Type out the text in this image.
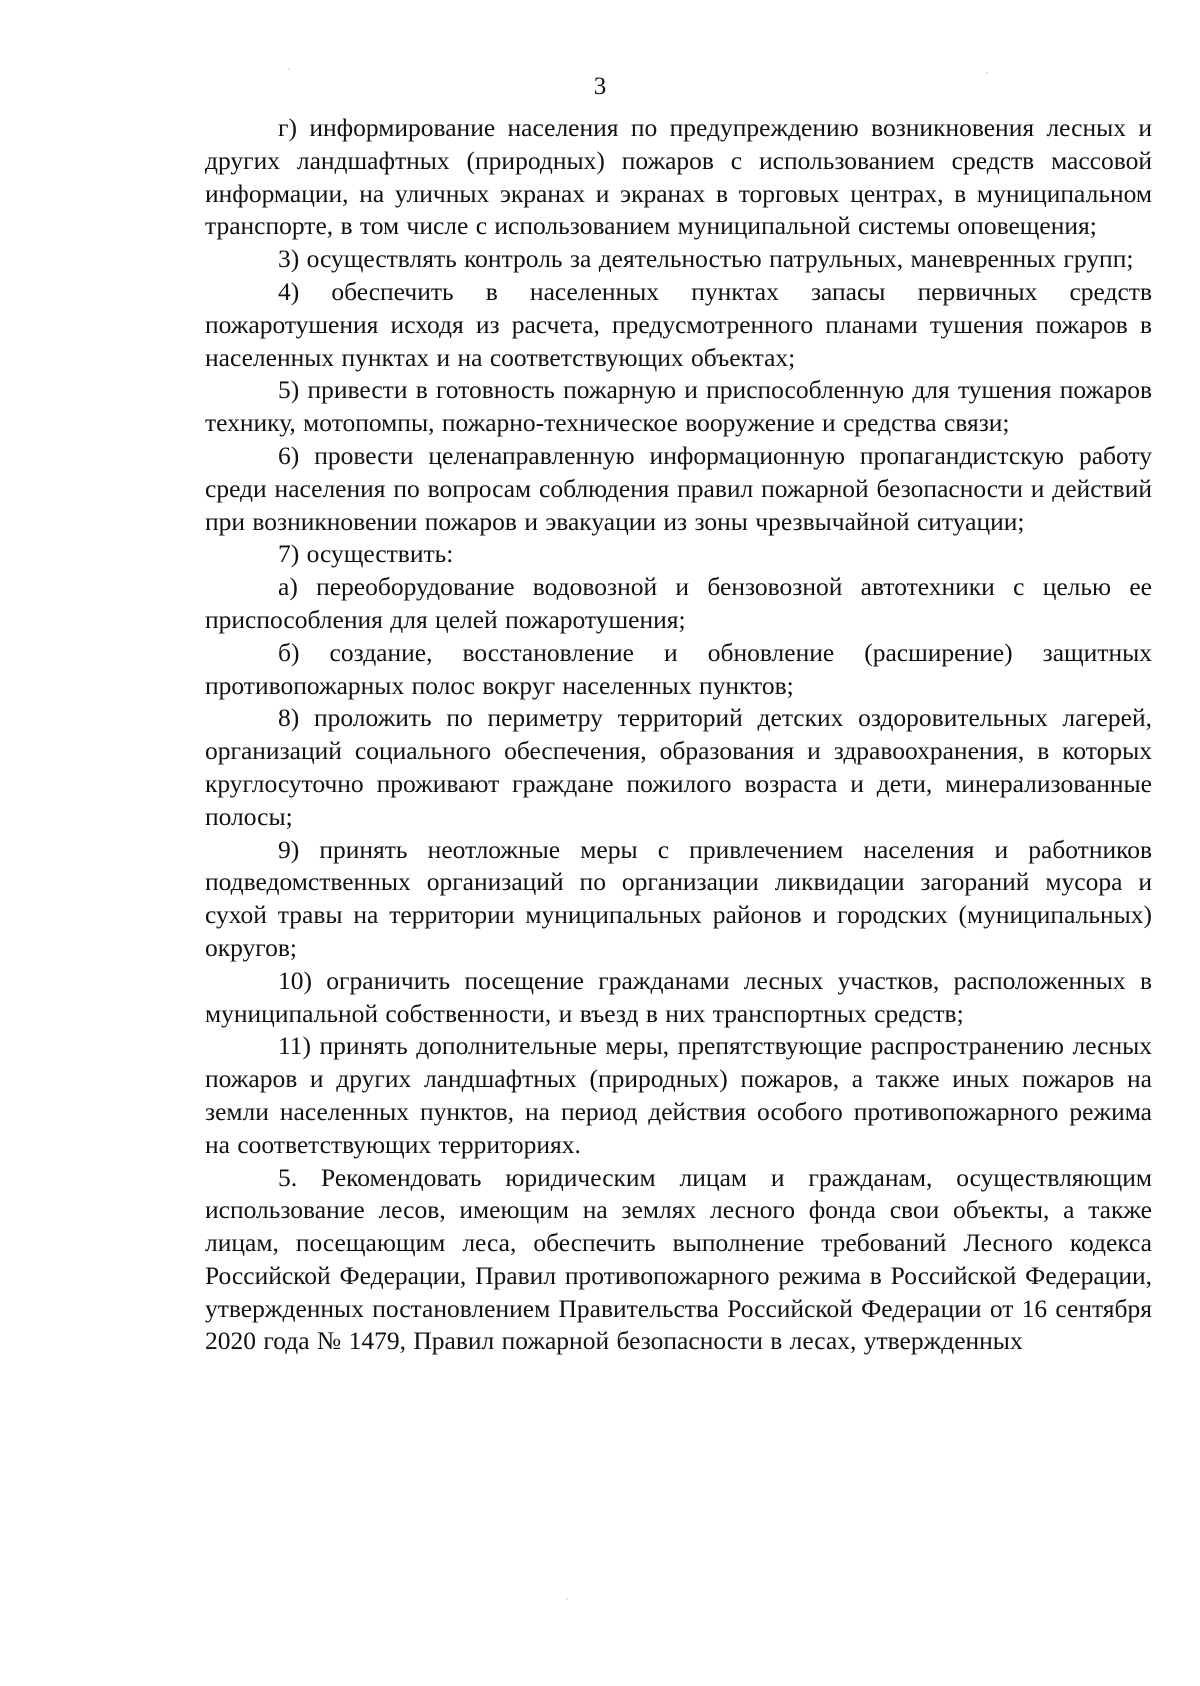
3

г) информирование населения по предупреждению возникновения лесных и других ландшафтных (природных) пожаров с использованием средств массовой информации, на уличных экранах и экранах в торговых центрах, в муниципальном транспорте, в том числе с использованием муниципальной системы оповещения;

3) осуществлять контроль за деятельностью патрульных, маневренных групп;

4) обеспечить в населенных пунктах запасы первичных средств пожаротушения исходя из расчета, предусмотренного планами тушения пожаров в населенных пунктах и на соответствующих объектах;

5) привести в готовность пожарную и приспособленную для тушения пожаров технику, мотопомпы, пожарно-техническое вооружение и средства связи;

6) провести целенаправленную информационную пропагандистскую работу среди населения по вопросам соблюдения правил пожарной безопасности и действий при возникновении пожаров и эвакуации из зоны чрезвычайной ситуации;

7) осуществить:

а) переоборудование водовозной и бензовозной автотехники с целью ее приспособления для целей пожаротушения;

б) создание, восстановление и обновление (расширение) защитных противопожарных полос вокруг населенных пунктов;

8) проложить по периметру территорий детских оздоровительных лагерей, организаций социального обеспечения, образования и здравоохранения, в которых круглосуточно проживают граждане пожилого возраста и дети, минерализованные полосы;

9) принять неотложные меры с привлечением населения и работников подведомственных организаций по организации ликвидации загораний мусора и сухой травы на территории муниципальных районов и городских (муниципальных) округов;

10) ограничить посещение гражданами лесных участков, расположенных в муниципальной собственности, и въезд в них транспортных средств;

11) принять дополнительные меры, препятствующие распространению лесных пожаров и других ландшафтных (природных) пожаров, а также иных пожаров на земли населенных пунктов, на период действия особого противопожарного режима на соответствующих территориях.

5. Рекомендовать юридическим лицам и гражданам, осуществляющим использование лесов, имеющим на землях лесного фонда свои объекты, а также лицам, посещающим леса, обеспечить выполнение требований Лесного кодекса Российской Федерации, Правил противопожарного режима в Российской Федерации, утвержденных постановлением Правительства Российской Федерации от 16 сентября 2020 года № 1479, Правил пожарной безопасности в лесах, утвержденных
